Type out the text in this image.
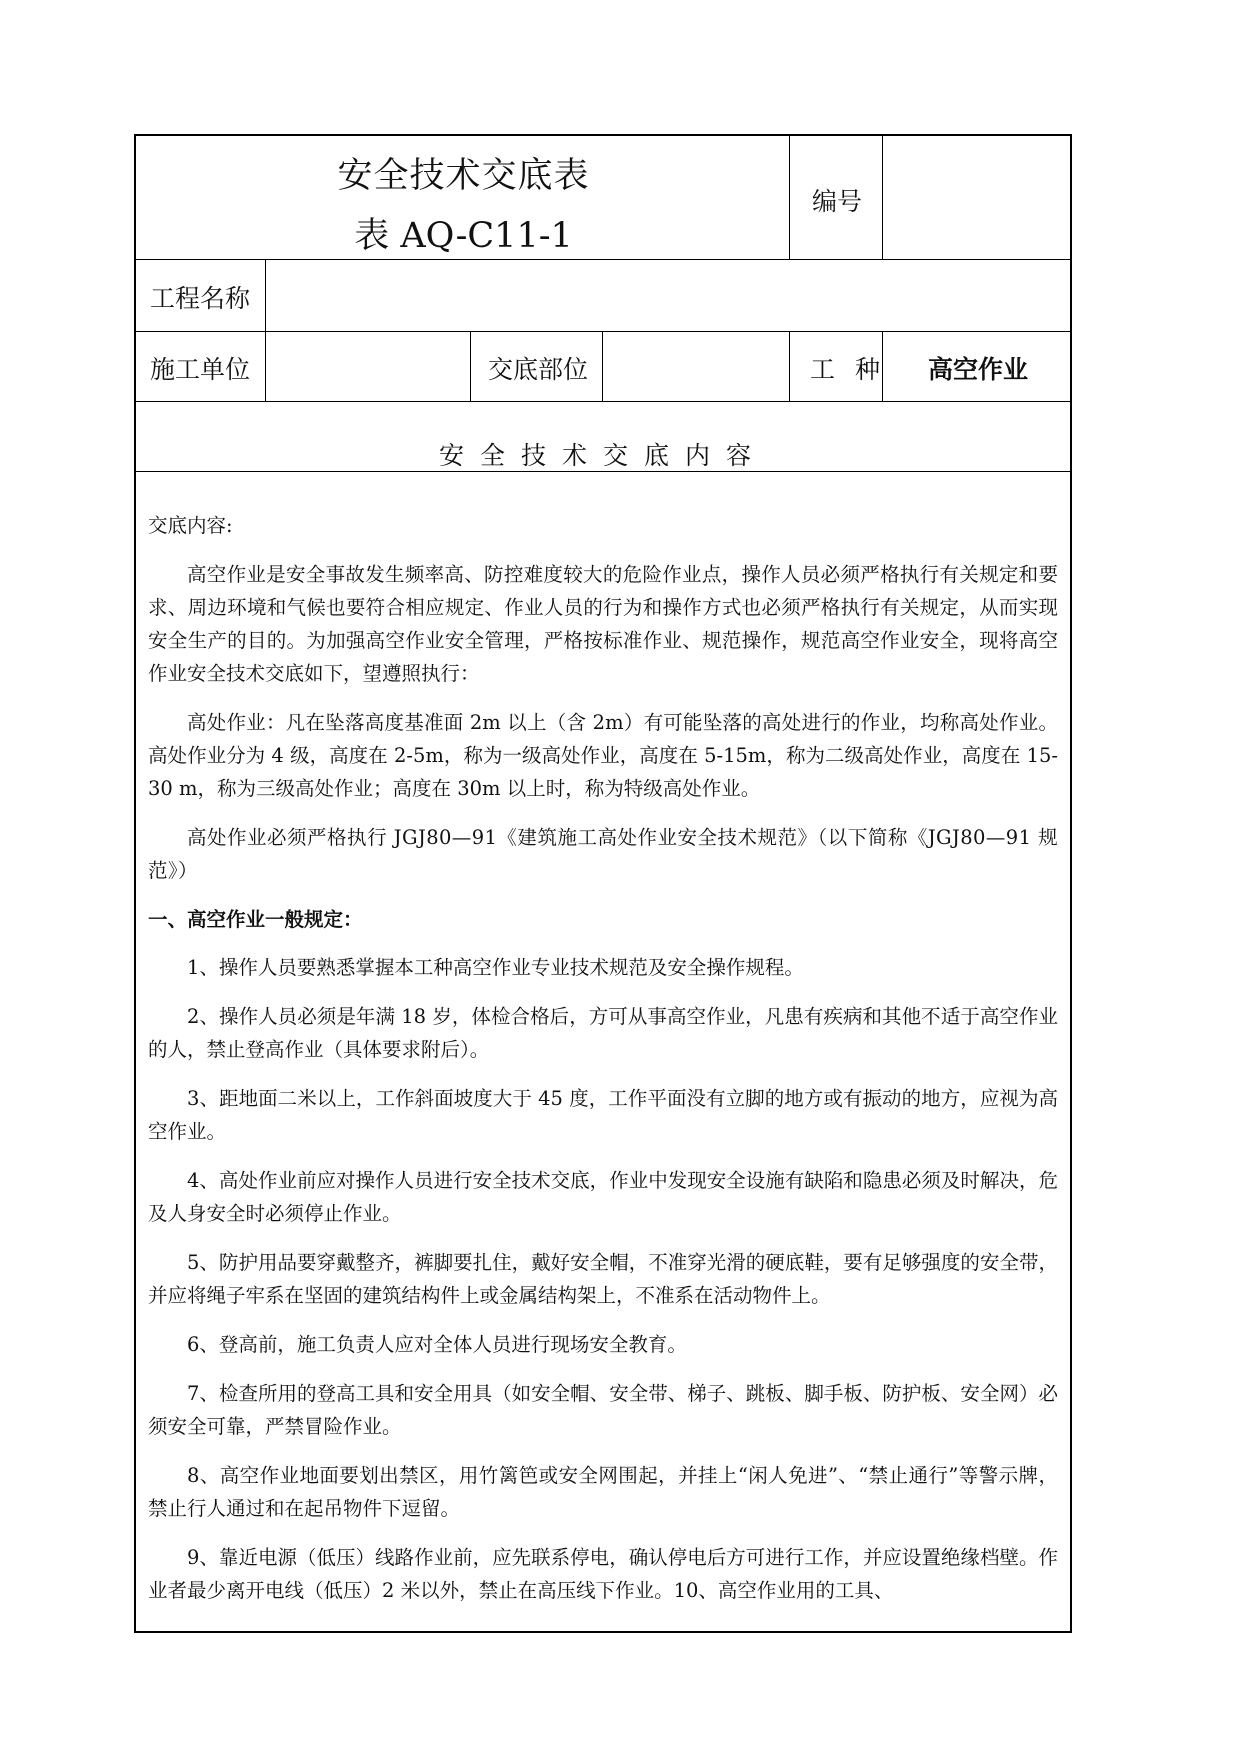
安全技术交底表
表 AQ-C11-1
编号
工程名称
施工单位	交底部位	工 种 高空作业
安全技术交底内容

交底内容:

高空作业是安全事故发生频率高、防控难度较大的危险作业点，操作人员必须严格执行有关规定和要求、周边环境和气候也要符合相应规定、作业人员的行为和操作方式也必须严格执行有关规定，从而实现安全生产的目的。为加强高空作业安全管理，严格按标准作业、规范操作，规范高空作业安全，现将高空作业安全技术交底如下，望遵照执行：

高处作业：凡在坠落高度基准面 2m 以上（含 2m）有可能坠落的高处进行的作业，均称高处作业。高处作业分为 4 级，高度在 2-5m，称为一级高处作业，高度在 5-15m，称为二级高处作业，高度在 15-30 m，称为三级高处作业；高度在 30m 以上时，称为特级高处作业。

高处作业必须严格执行 JGJ80—91《建筑施工高处作业安全技术规范》（以下简称《JGJ80—91 规范》）

一、高空作业一般规定：

1、操作人员要熟悉掌握本工种高空作业专业技术规范及安全操作规程。

2、操作人员必须是年满 18 岁，体检合格后，方可从事高空作业，凡患有疾病和其他不适于高空作业的人，禁止登高作业（具体要求附后）。

3、距地面二米以上，工作斜面坡度大于 45 度，工作平面没有立脚的地方或有振动的地方，应视为高空作业。

4、高处作业前应对操作人员进行安全技术交底，作业中发现安全设施有缺陷和隐患必须及时解决，危及人身安全时必须停止作业。

5、防护用品要穿戴整齐，裤脚要扎住，戴好安全帽，不准穿光滑的硬底鞋，要有足够强度的安全带，并应将绳子牢系在坚固的建筑结构件上或金属结构架上，不准系在活动物件上。

6、登高前，施工负责人应对全体人员进行现场安全教育。

7、检查所用的登高工具和安全用具（如安全帽、安全带、梯子、跳板、脚手板、防护板、安全网）必须安全可靠，严禁冒险作业。

8、高空作业地面要划出禁区，用竹篱笆或安全网围起，并挂上“闲人免进”、“禁止通行”等警示牌，禁止行人通过和在起吊物件下逗留。

9、靠近电源（低压）线路作业前，应先联系停电，确认停电后方可进行工作，并应设置绝缘档壁。作业者最少离开电线（低压）2 米以外，禁止在高压线下作业。10、高空作业用的工具、
